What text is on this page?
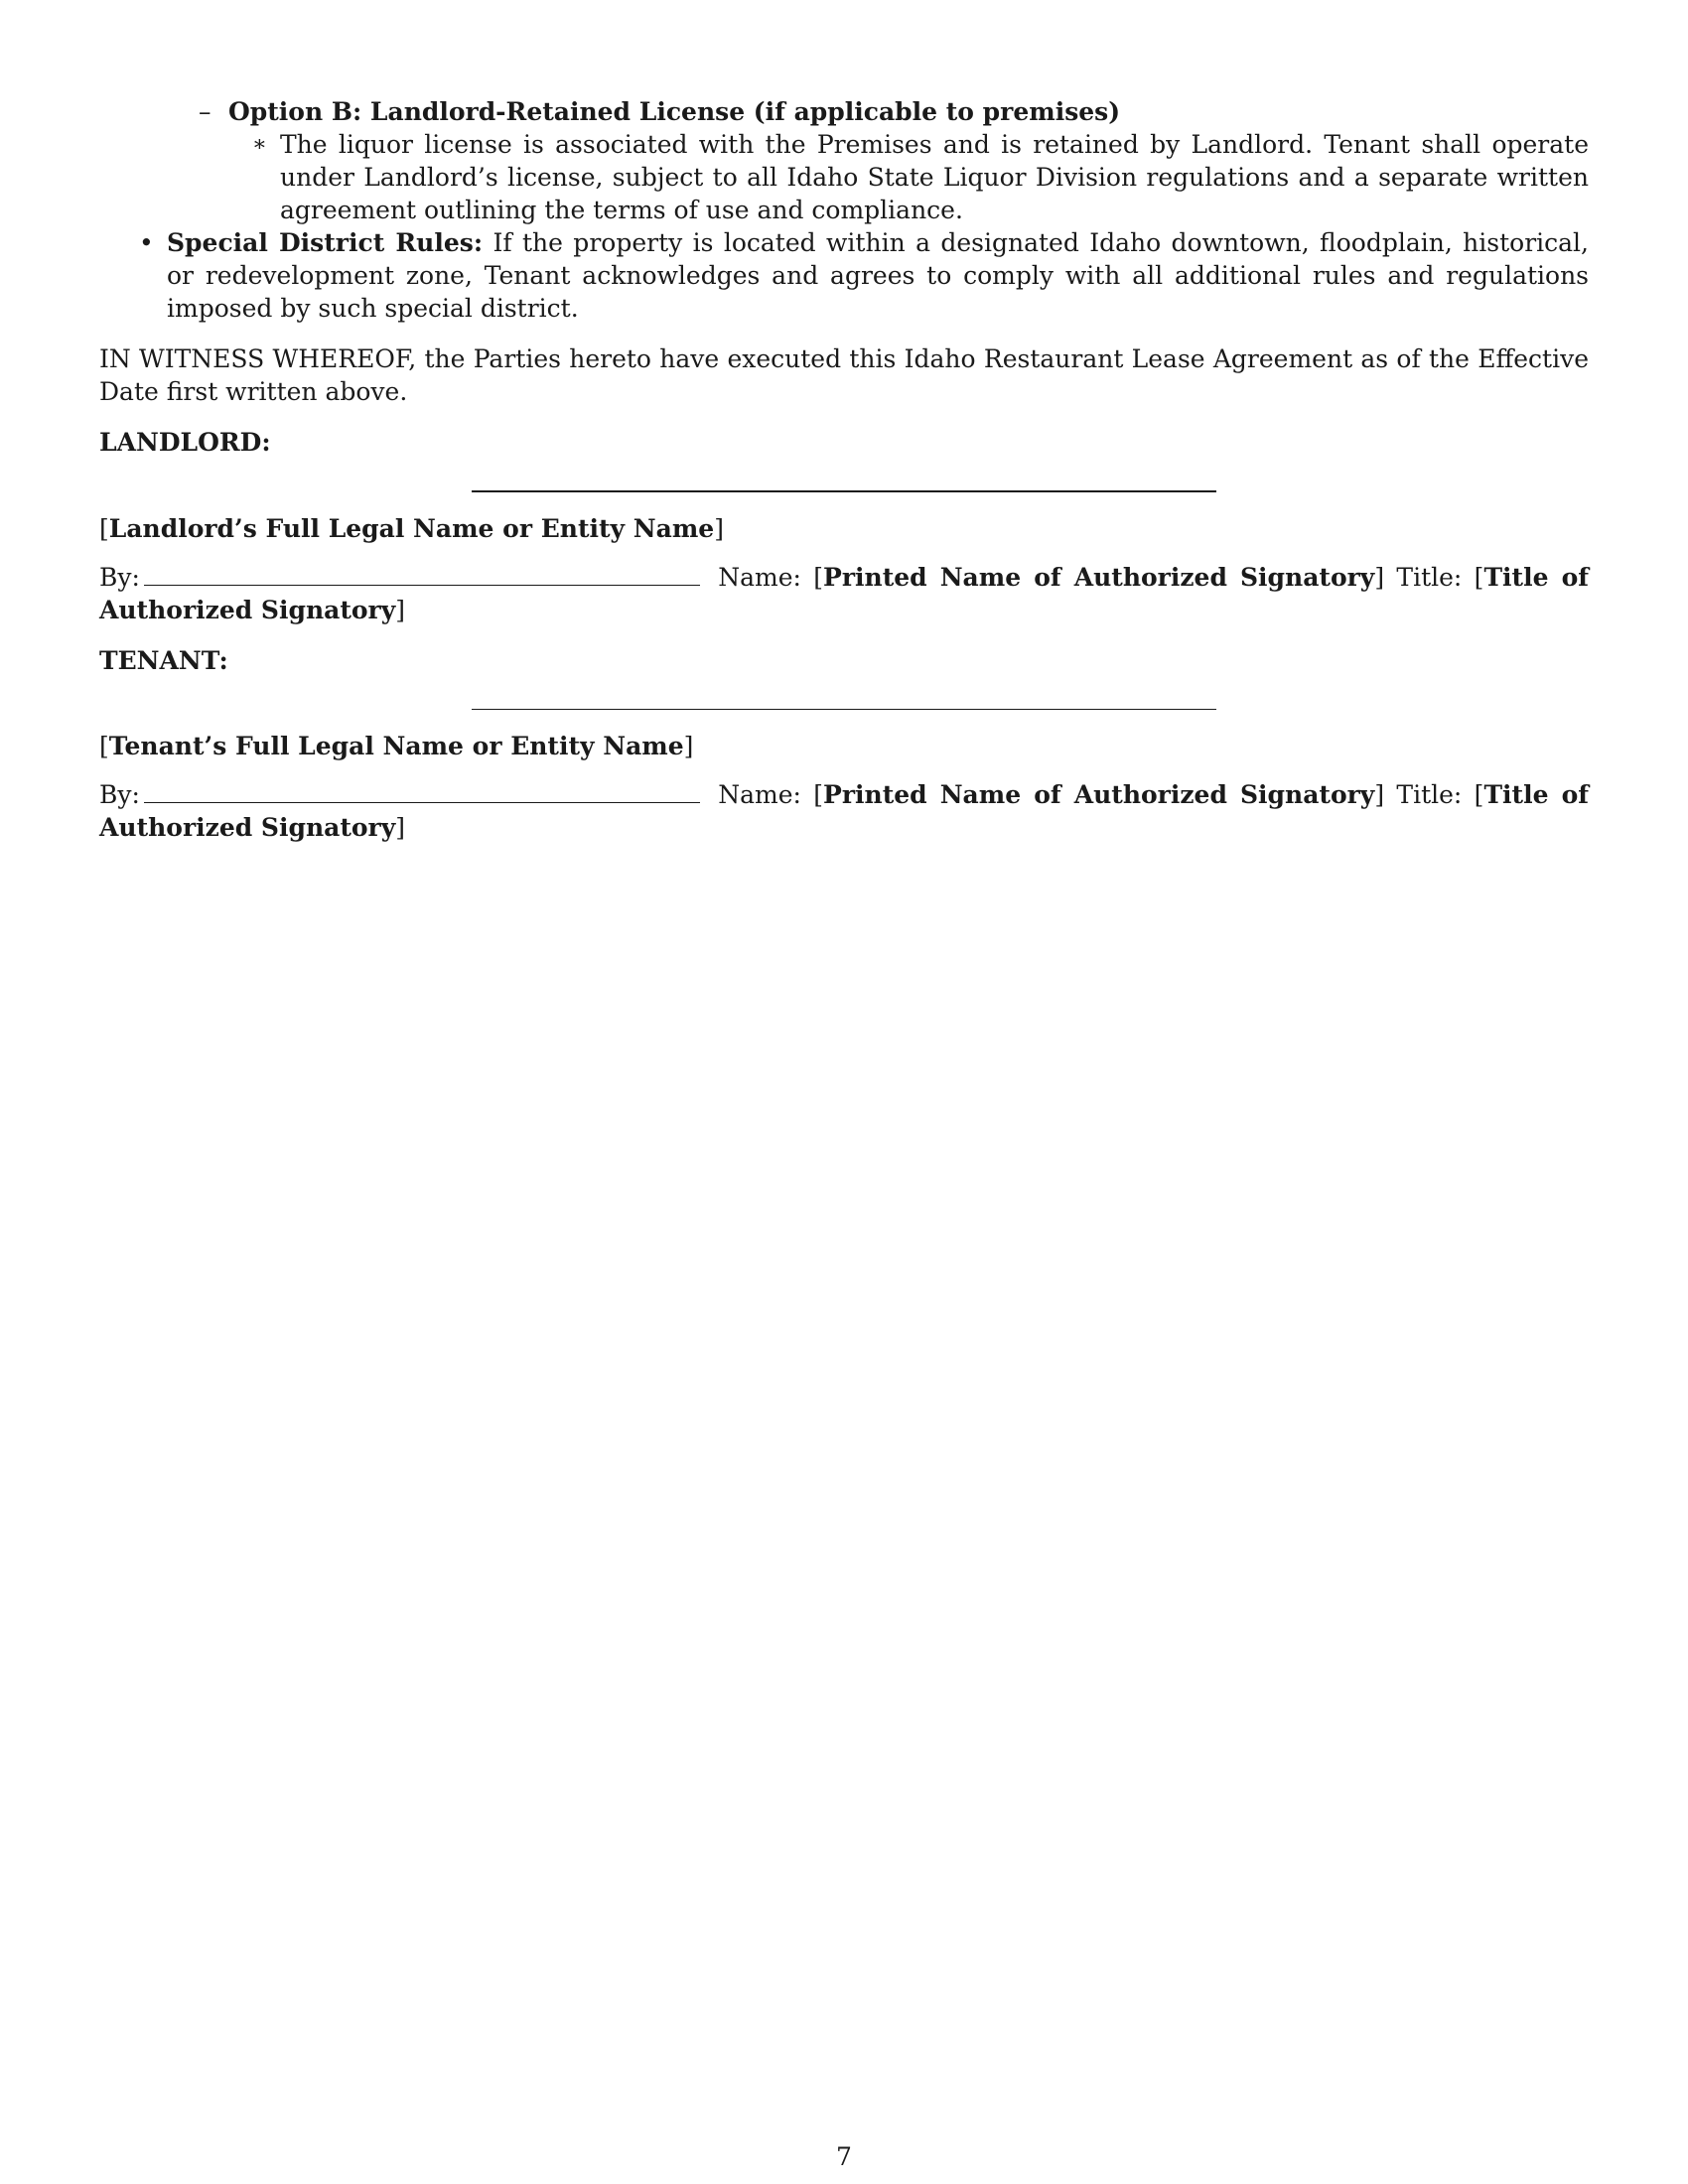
– Option B: Landlord-Retained License (if applicable to premises)
∗ The liquor license is associated with the Premises and is retained by Landlord. Tenant shall operate under Landlord’s license, subject to all Idaho State Liquor Division regulations and a separate written agreement outlining the terms of use and compliance.
• Special District Rules: If the property is located within a designated Idaho downtown, floodplain, historical, or redevelopment zone, Tenant acknowledges and agrees to comply with all additional rules and regulations imposed by such special district.
IN WITNESS WHEREOF, the Parties hereto have executed this Idaho Restaurant Lease Agreement as of the Effective Date first written above.
LANDLORD:
[Landlord’s Full Legal Name or Entity Name]
By:	Name: [Printed Name of Authorized Signatory] Title: [Title of Authorized Signatory]
TENANT:
[Tenant’s Full Legal Name or Entity Name]
By:	Name: [Printed Name of Authorized Signatory] Title: [Title of Authorized Signatory]
7
